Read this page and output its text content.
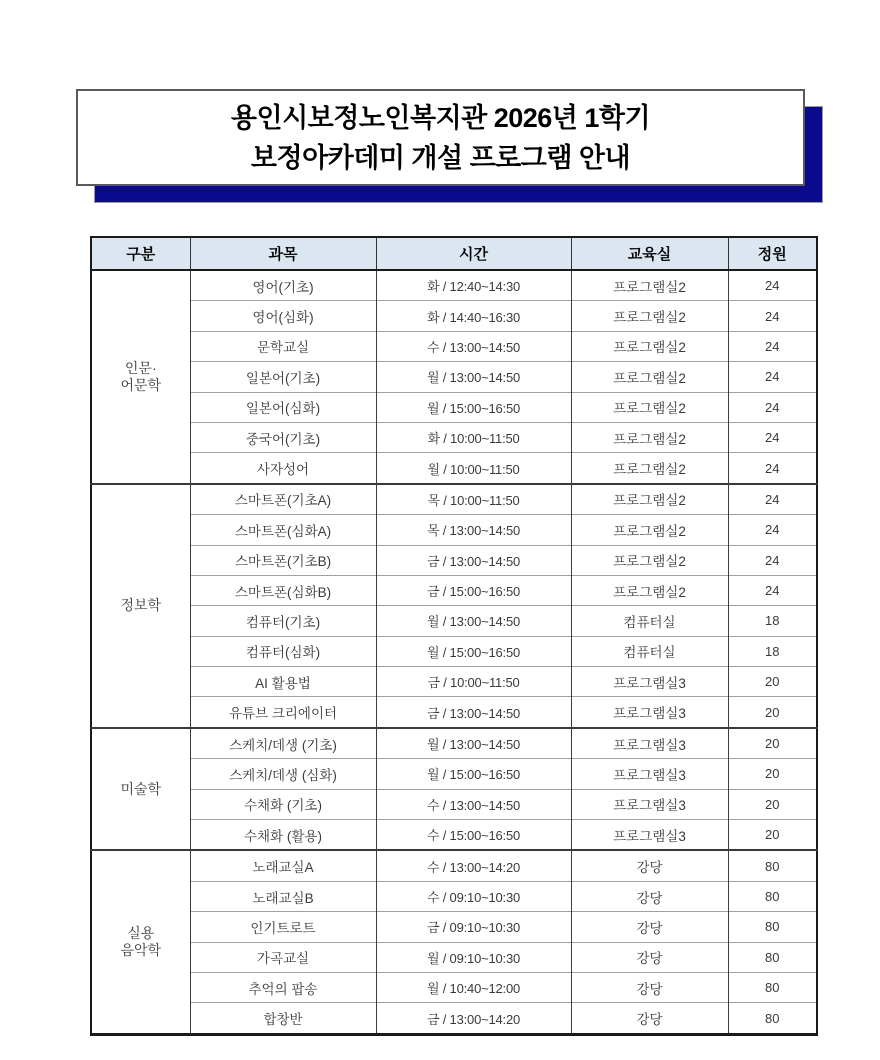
용인시보정노인복지관 2026년 1학기
보정아카데미 개설 프로그램 안내
구분	과목	시간	교육실	정원
인문·
어문학	영어(기초)	화 / 12:40~14:30	프로그램실2	24
	영어(심화)	화 / 14:40~16:30	프로그램실2	24
	문학교실	수 / 13:00~14:50	프로그램실2	24
	일본어(기초)	월 / 13:00~14:50	프로그램실2	24
	일본어(심화)	월 / 15:00~16:50	프로그램실2	24
	중국어(기초)	화 / 10:00~11:50	프로그램실2	24
	사자성어	월 / 10:00~11:50	프로그램실2	24
정보학	스마트폰(기초A)	목 / 10:00~11:50	프로그램실2	24
	스마트폰(심화A)	목 / 13:00~14:50	프로그램실2	24
	스마트폰(기초B)	금 / 13:00~14:50	프로그램실2	24
	스마트폰(심화B)	금 / 15:00~16:50	프로그램실2	24
	컴퓨터(기초)	월 / 13:00~14:50	컴퓨터실	18
	컴퓨터(심화)	월 / 15:00~16:50	컴퓨터실	18
	AI 활용법	금 / 10:00~11:50	프로그램실3	20
	유튜브 크리에이터	금 / 13:00~14:50	프로그램실3	20
미술학	스케치/데생 (기초)	월 / 13:00~14:50	프로그램실3	20
	스케치/데생 (심화)	월 / 15:00~16:50	프로그램실3	20
	수채화 (기초)	수 / 13:00~14:50	프로그램실3	20
	수채화 (활용)	수 / 15:00~16:50	프로그램실3	20
실용
음악학	노래교실A	수 / 13:00~14:20	강당	80
	노래교실B	수 / 09:10~10:30	강당	80
	인기트로트	금 / 09:10~10:30	강당	80
	가곡교실	월 / 09:10~10:30	강당	80
	추억의 팝송	월 / 10:40~12:00	강당	80
	합창반	금 / 13:00~14:20	강당	80
